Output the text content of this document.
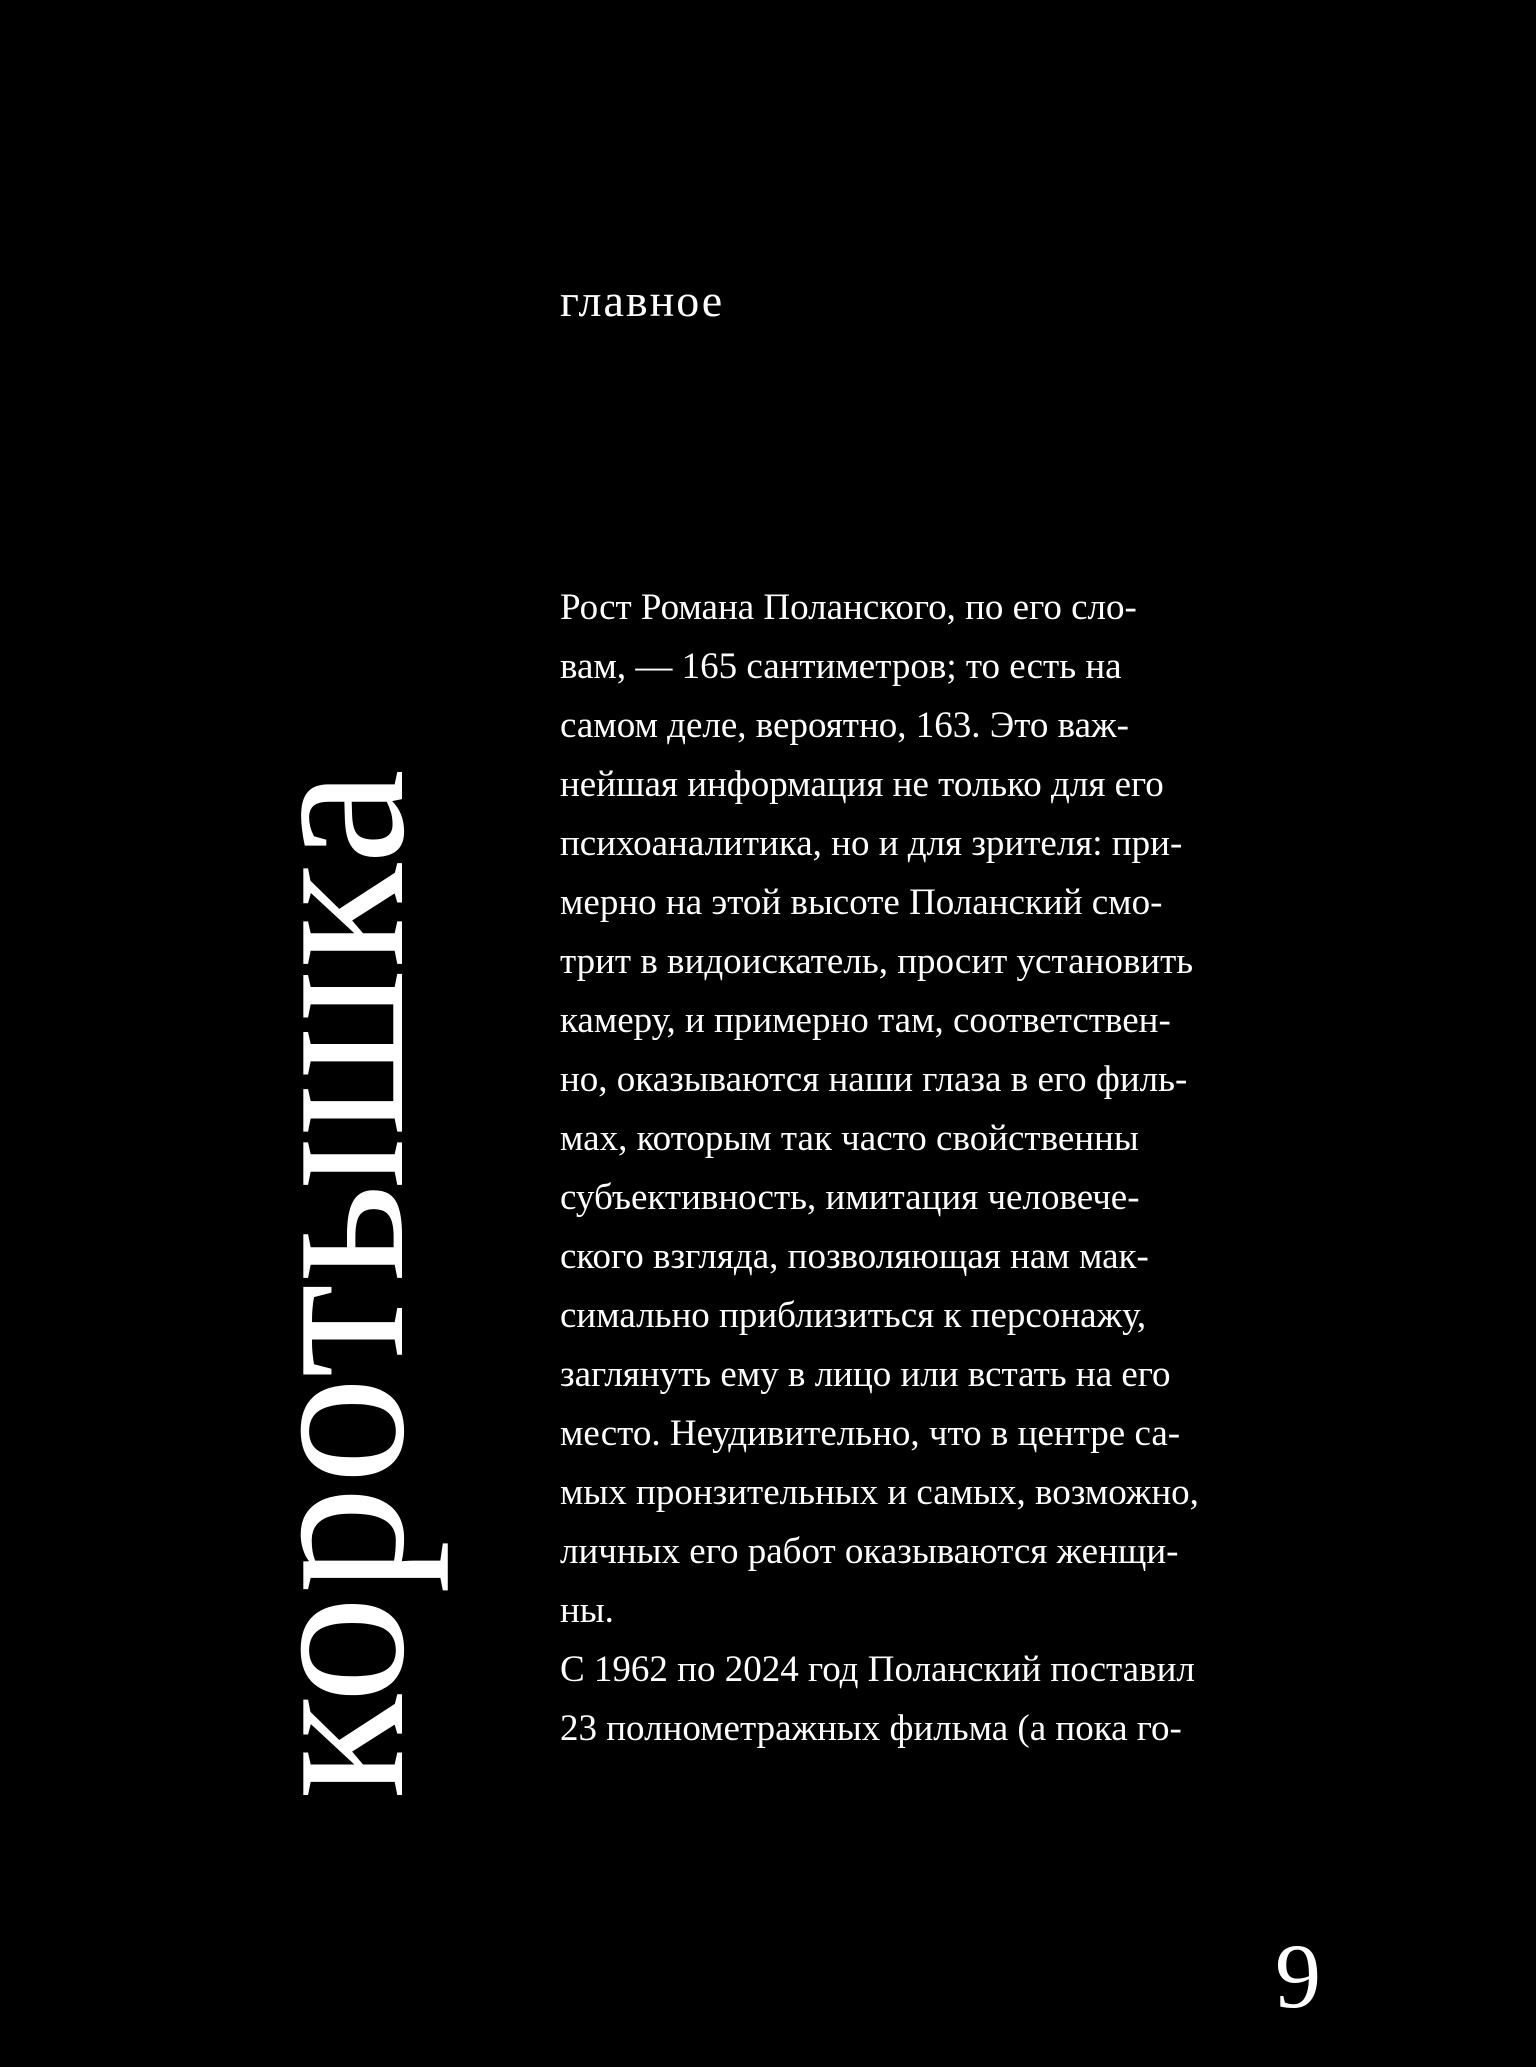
главное
коротышка
Рост Романа Поланского, по его сло-
вам, — 165 сантиметров; то есть на
самом деле, вероятно, 163. Это важ-
нейшая информация не только для его
психоаналитика, но и для зрителя: при-
мерно на этой высоте Поланский смо-
трит в видоискатель, просит установить
камеру, и примерно там, соответствен-
но, оказываются наши глаза в его филь-
мах, которым так часто свойственны
субъективность, имитация человече-
ского взгляда, позволяющая нам мак-
симально приблизиться к персонажу,
заглянуть ему в лицо или встать на его
место. Неудивительно, что в центре са-
мых пронзительных и самых, возможно,
личных его работ оказываются женщи-
ны.
С 1962 по 2024 год Поланский поставил
23 полнометражных фильма (а пока го-
9
